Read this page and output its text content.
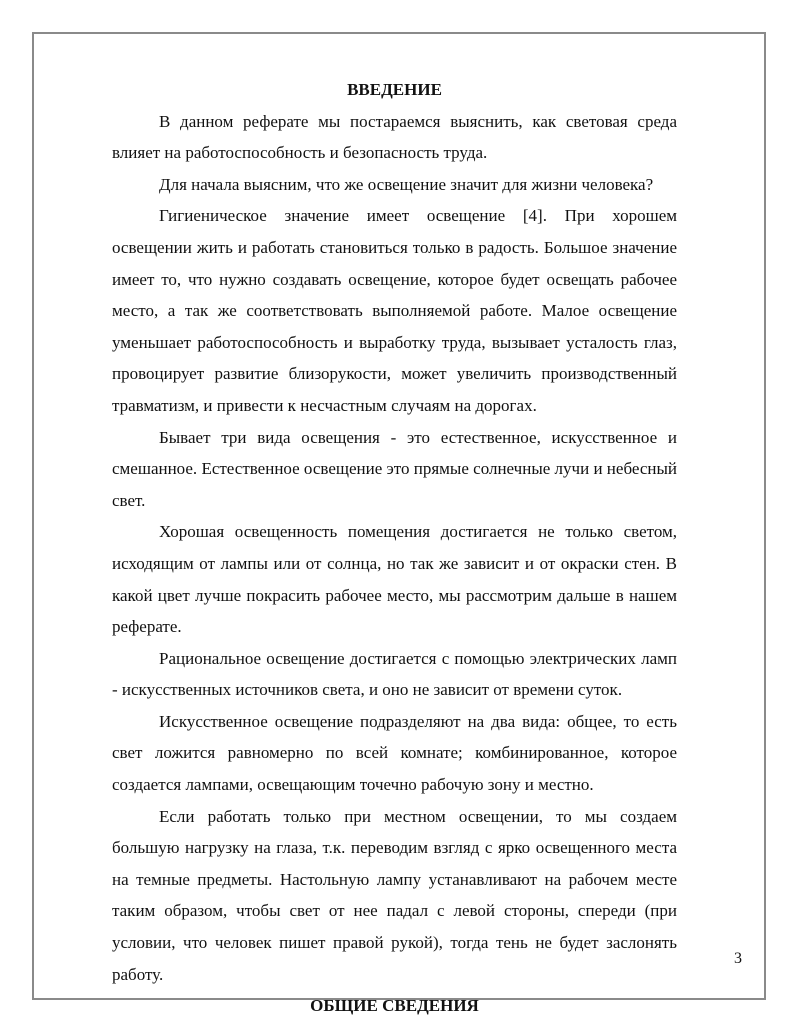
ВВЕДЕНИЕ

В данном реферате мы постараемся выяснить, как световая среда влияет на работоспособность и безопасность труда.

Для начала выясним, что же освещение значит для жизни человека?

Гигиеническое значение имеет освещение [4]. При хорошем освещении жить и работать становиться только в радость. Большое значение имеет то, что нужно создавать освещение, которое будет освещать рабочее место, а так же соответствовать выполняемой работе. Малое освещение уменьшает работоспособность и выработку труда, вызывает усталость глаз, провоцирует развитие близорукости, может увеличить производственный травматизм, и привести к несчастным случаям на дорогах.

Бывает три вида освещения - это естественное, искусственное и смешанное. Естественное освещение это прямые солнечные лучи и небесный свет.

Хорошая освещенность помещения достигается не только светом, исходящим от лампы или от солнца, но так же зависит и от окраски стен. В какой цвет лучше покрасить рабочее место, мы рассмотрим дальше в нашем реферате.

Рациональное освещение достигается с помощью электрических ламп - искусственных источников света, и оно не зависит от времени суток.

Искусственное освещение подразделяют на два вида: общее, то есть свет ложится равномерно по всей комнате; комбинированное, которое создается лампами, освещающим точечно рабочую зону и местно.

Если работать только при местном освещении, то мы создаем большую нагрузку на глаза, т.к. переводим взгляд с ярко освещенного места на темные предметы. Настольную лампу устанавливают на рабочем месте таким образом, чтобы свет от нее падал с левой стороны, спереди (при условии, что человек пишет правой рукой), тогда тень не будет заслонять работу.

ОБЩИЕ СВЕДЕНИЯ

3
